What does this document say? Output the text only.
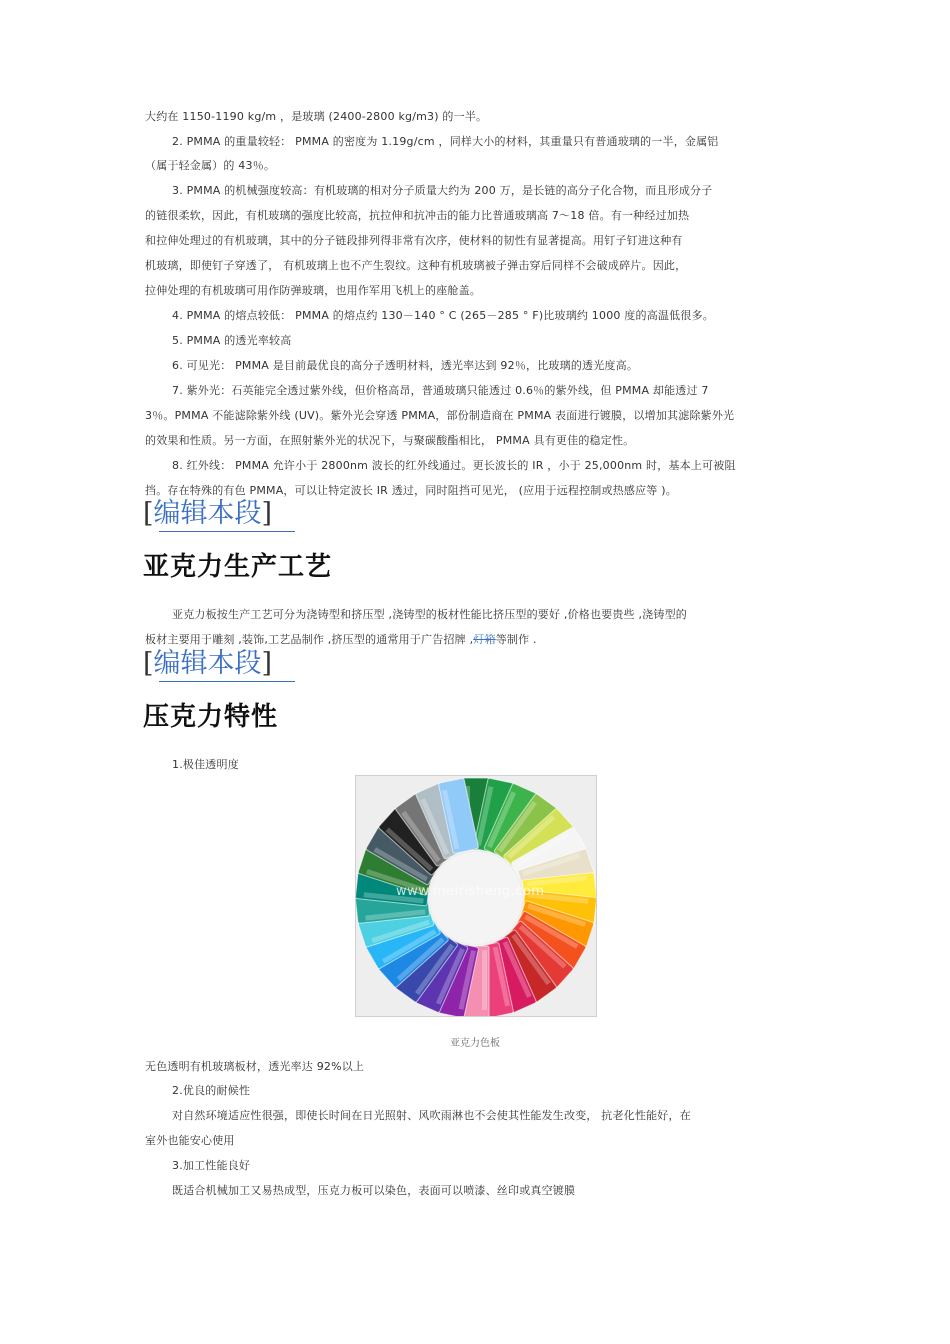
大约在 1150-1190 kg/m ，是玻璃 (2400-2800 kg/m3) 的一半。
2. PMMA 的重量较轻： PMMA 的密度为 1.19g/cm ，同样大小的材料，其重量只有普通玻璃的一半，金属铝
（属于轻金属）的 43％。
3. PMMA 的机械强度较高：有机玻璃的相对分子质量大约为 200 万，是长链的高分子化合物，而且形成分子
的链很柔软，因此，有机玻璃的强度比较高，抗拉伸和抗冲击的能力比普通玻璃高 7～18 倍。有一种经过加热
和拉伸处理过的有机玻璃，其中的分子链段排列得非常有次序，使材料的韧性有显著提高。用钉子钉进这种有
机玻璃，即使钉子穿透了， 有机玻璃上也不产生裂纹。这种有机玻璃被子弹击穿后同样不会破成碎片。因此，
拉伸处理的有机玻璃可用作防弹玻璃，也用作军用飞机上的座舱盖。
4. PMMA 的熔点较低： PMMA 的熔点约 130－140 ° C (265－285 ° F)比玻璃约 1000 度的高温低很多。
5. PMMA 的透光率较高
6. 可见光： PMMA 是目前最优良的高分子透明材料，透光率达到 92％，比玻璃的透光度高。
7. 紫外光：石英能完全透过紫外线，但价格高昂，普通玻璃只能透过 0.6％的紫外线，但 PMMA 却能透过 7
3％。PMMA 不能滤除紫外线 (UV)。紫外光会穿透 PMMA，部份制造商在 PMMA 表面进行镀膜，以增加其滤除紫外光
的效果和性质。另一方面，在照射紫外光的状况下，与聚碳酸酯相比， PMMA 具有更佳的稳定性。
8. 红外线： PMMA 允许小于 2800nm 波长的红外线通过。更长波长的 IR ，小于 25,000nm 时，基本上可被阻
挡。存在特殊的有色 PMMA，可以让特定波长 IR 透过，同时阻挡可见光， (应用于远程控制或热感应等 )。
[编辑本段]
亚克力生产工艺
亚克力板按生产工艺可分为浇铸型和挤压型 ,浇铸型的板材性能比挤压型的要好 ,价格也要贵些 ,浇铸型的
板材主要用于雕刻 ,装饰,工艺品制作 ,挤压型的通常用于广告招牌 ,灯箱等制作 .
[编辑本段]
压克力特性
1.极佳透明度
www.meirisheng.com
亚克力色板
无色透明有机玻璃板材，透光率达 92%以上
2.优良的耐候性
对自然环境适应性很强，即使长时间在日光照射、风吹雨淋也不会使其性能发生改变， 抗老化性能好，在
室外也能安心使用
3.加工性能良好
既适合机械加工又易热成型，压克力板可以染色，表面可以喷漆、丝印或真空镀膜
